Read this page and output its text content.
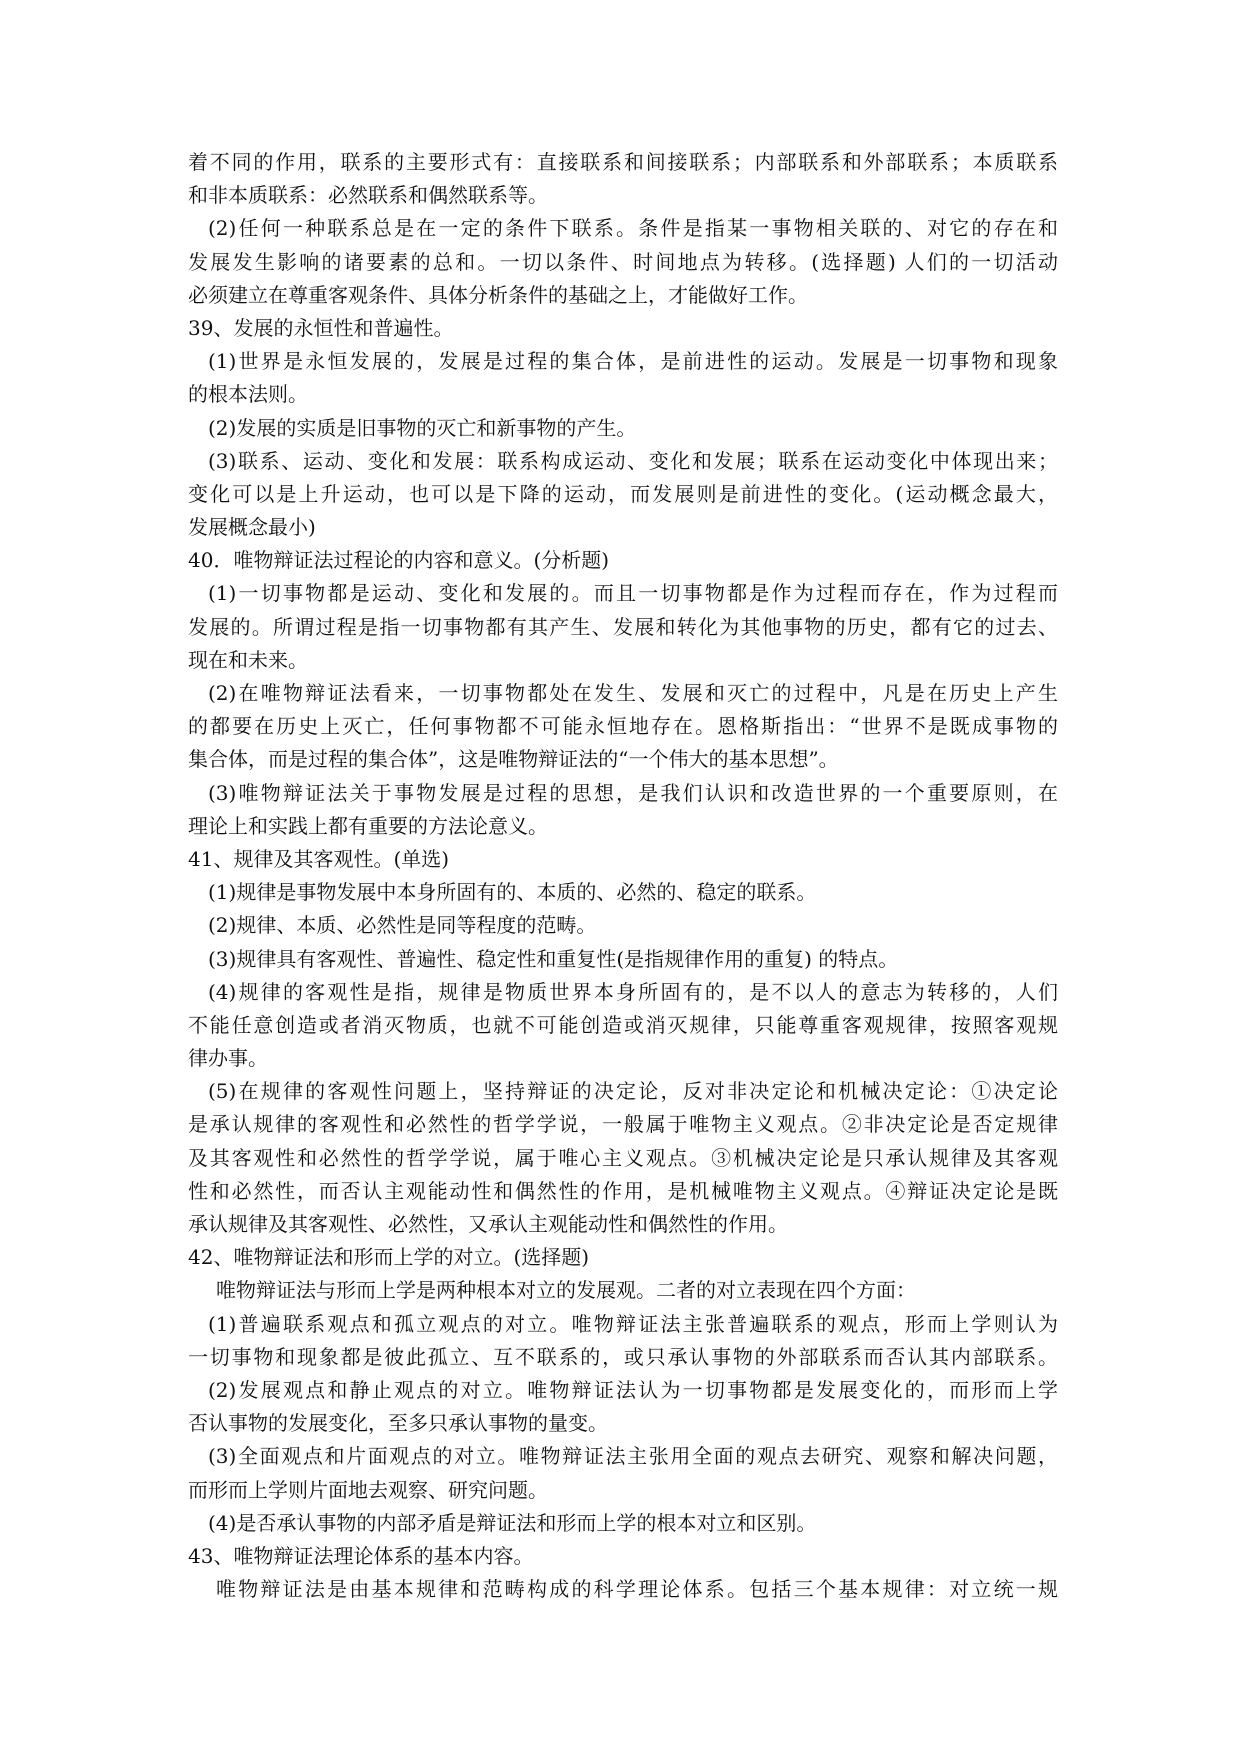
着不同的作用，联系的主要形式有：直接联系和间接联系；内部联系和外部联系；本质联系
和非本质联系：必然联系和偶然联系等。
(2)任何一种联系总是在一定的条件下联系。条件是指某一事物相关联的、对它的存在和
发展发生影响的诸要素的总和。一切以条件、时间地点为转移。(选择题) 人们的一切活动
必须建立在尊重客观条件、具体分析条件的基础之上，才能做好工作。
39、发展的永恒性和普遍性。
(1)世界是永恒发展的，发展是过程的集合体，是前进性的运动。发展是一切事物和现象
的根本法则。
(2)发展的实质是旧事物的灭亡和新事物的产生。
(3)联系、运动、变化和发展：联系构成运动、变化和发展；联系在运动变化中体现出来；
变化可以是上升运动，也可以是下降的运动，而发展则是前进性的变化。(运动概念最大，
发展概念最小)
40．唯物辩证法过程论的内容和意义。(分析题)
(1)一切事物都是运动、变化和发展的。而且一切事物都是作为过程而存在，作为过程而
发展的。所谓过程是指一切事物都有其产生、发展和转化为其他事物的历史，都有它的过去、
现在和未来。
(2)在唯物辩证法看来，一切事物都处在发生、发展和灭亡的过程中，凡是在历史上产生
的都要在历史上灭亡，任何事物都不可能永恒地存在。恩格斯指出：“世界不是既成事物的
集合体，而是过程的集合体”，这是唯物辩证法的“一个伟大的基本思想”。
(3)唯物辩证法关于事物发展是过程的思想，是我们认识和改造世界的一个重要原则，在
理论上和实践上都有重要的方法论意义。
41、规律及其客观性。(单选)
(1)规律是事物发展中本身所固有的、本质的、必然的、稳定的联系。
(2)规律、本质、必然性是同等程度的范畴。
(3)规律具有客观性、普遍性、稳定性和重复性(是指规律作用的重复) 的特点。
(4)规律的客观性是指，规律是物质世界本身所固有的，是不以人的意志为转移的，人们
不能任意创造或者消灭物质，也就不可能创造或消灭规律，只能尊重客观规律，按照客观规
律办事。
(5)在规律的客观性问题上，坚持辩证的决定论，反对非决定论和机械决定论：①决定论
是承认规律的客观性和必然性的哲学学说，一般属于唯物主义观点。②非决定论是否定规律
及其客观性和必然性的哲学学说，属于唯心主义观点。③机械决定论是只承认规律及其客观
性和必然性，而否认主观能动性和偶然性的作用，是机械唯物主义观点。④辩证决定论是既
承认规律及其客观性、必然性，又承认主观能动性和偶然性的作用。
42、唯物辩证法和形而上学的对立。(选择题)
唯物辩证法与形而上学是两种根本对立的发展观。二者的对立表现在四个方面：
(1)普遍联系观点和孤立观点的对立。唯物辩证法主张普遍联系的观点，形而上学则认为
一切事物和现象都是彼此孤立、互不联系的，或只承认事物的外部联系而否认其内部联系。
(2)发展观点和静止观点的对立。唯物辩证法认为一切事物都是发展变化的，而形而上学
否认事物的发展变化，至多只承认事物的量变。
(3)全面观点和片面观点的对立。唯物辩证法主张用全面的观点去研究、观察和解决问题，
而形而上学则片面地去观察、研究问题。
(4)是否承认事物的内部矛盾是辩证法和形而上学的根本对立和区别。
43、唯物辩证法理论体系的基本内容。
唯物辩证法是由基本规律和范畴构成的科学理论体系。包括三个基本规律：对立统一规
